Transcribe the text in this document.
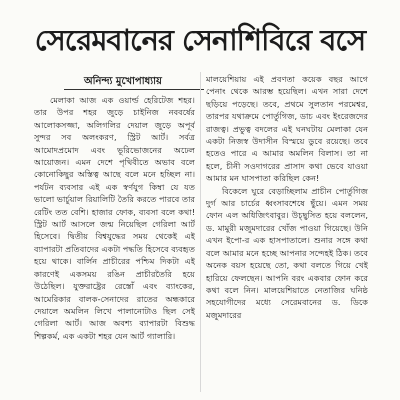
সেরেমবানের সেনাশিবিরে বসে
অনিন্দ্য মুখোপাধ্যায়

মেলাকা আজ এক ওয়ার্ল্ড হেরিটেজ শহর। তার উপর শহর জুড়ে চাইনিজ নববর্ষের আলোকসজ্জা, অলিগলির দেয়াল জুড়ে অপূর্ব সুন্দর সব অলংকরণ, স্ট্রিট আর্ট। সর্বত্র আমোদপ্রমোদ এবং ভূরিভোজনের অঢেল আয়োজন। এমন দেশে পৃথিবীতে অভাব বলে কোনোকিছুর অস্তিত্ব আছে বলে মনে হচ্ছিল না। পর্যটন ব্যবসার এই এক স্বর্ণযুগ কিম্বা যে যত ভালো ভার্চুয়াল রিয়ালিটি তৈরি করতে পারবে তার রেটিং তত বেশি। হাজার ফোক, ব্যবসা বলে কথা! স্ট্রিট আর্ট আসলে জন্ম নিয়েছিল গেরিলা আর্ট হিসেবে। দ্বিতীয় বিশ্বযুদ্ধের সময় থেকেই এই ব্যাপারটা প্রতিবাদের একটা পদ্ধতি হিসেবে ব্যবহৃত হয়ে থাকে। বার্লিন প্রাচীরের পশ্চিম দিকটা এই কারণেই একসময় রঙিন প্রাচীরতৈরি হয়ে উঠেছিল। যুক্তরাষ্ট্রের রেস্তোঁ এবং ব্যাংকের, আমেরিকার বালক-সেনাদের রাতের অন্ধকারে দেয়ালে অমলিন লিখে পালানোটাও ছিল সেই গেরিলা আর্ট। আজ অবশ্য ব্যাপারটা বিশুদ্ধ শিল্পকর্ম, এক একটা শহর যেন আর্ট গ্যালারি।

মালয়েশিয়ায় এই প্রবণতা কয়েক বছর আগে পেনাং থেকে আরম্ভ হয়েছিল। এখন সারা দেশে ছড়িয়ে পড়েছে। তবে, প্রথমে সুলতান পরমেশ্বর, তারপর যথাক্রমে পোর্তুগিজ, ডাচ এবং ইংরেজদের রাজত্ব। প্রভুত্ব বদলের এই ঘনঘটায় মেলাকা যেন একটা নিজস্ব উদাসীন বিস্ময়ে ডুবে রয়েছে। তবে হতেও পারে এ আমার অমলিন বিলাস। তা না হলে, চীনী সওদাগরের প্রাসাদ কথা ভেবে যাওয়া আমার মন ঘাসপাতা করিছিল কেন!

বিকেলে ঘুরে বেড়াচ্ছিলাম প্রাচীন পোর্তুগিজ দুর্গ আর চার্চের ধ্বংসাবশেষে ছুঁয়ে। এমন সময় ফোন এল অধিজিৎবাবুর। উচ্ছ্বসিত হয়ে বললেন, ড. মামুরী মজুমদারের খোঁজ পাওয়া গিয়েছে। উনি এখন ইপো-র এক হাসপাতালে। শুনার সঙ্গে কথা বলে আমার মনে হচ্ছে আপনার সন্দেহই ঠিক। তবে অনেক বয়স হয়েছে তো, কথা বলতে গিয়ে খেই হারিয়ে ফেলছেন। আপনি বরং একবার ফোন করে কথা বলে নিন। মালয়েশিয়াতে নেতাজির ঘনিষ্ঠ সহযোগীদের মধ্যে সেরেমবানের ড. ডিকে মজুমদারের
